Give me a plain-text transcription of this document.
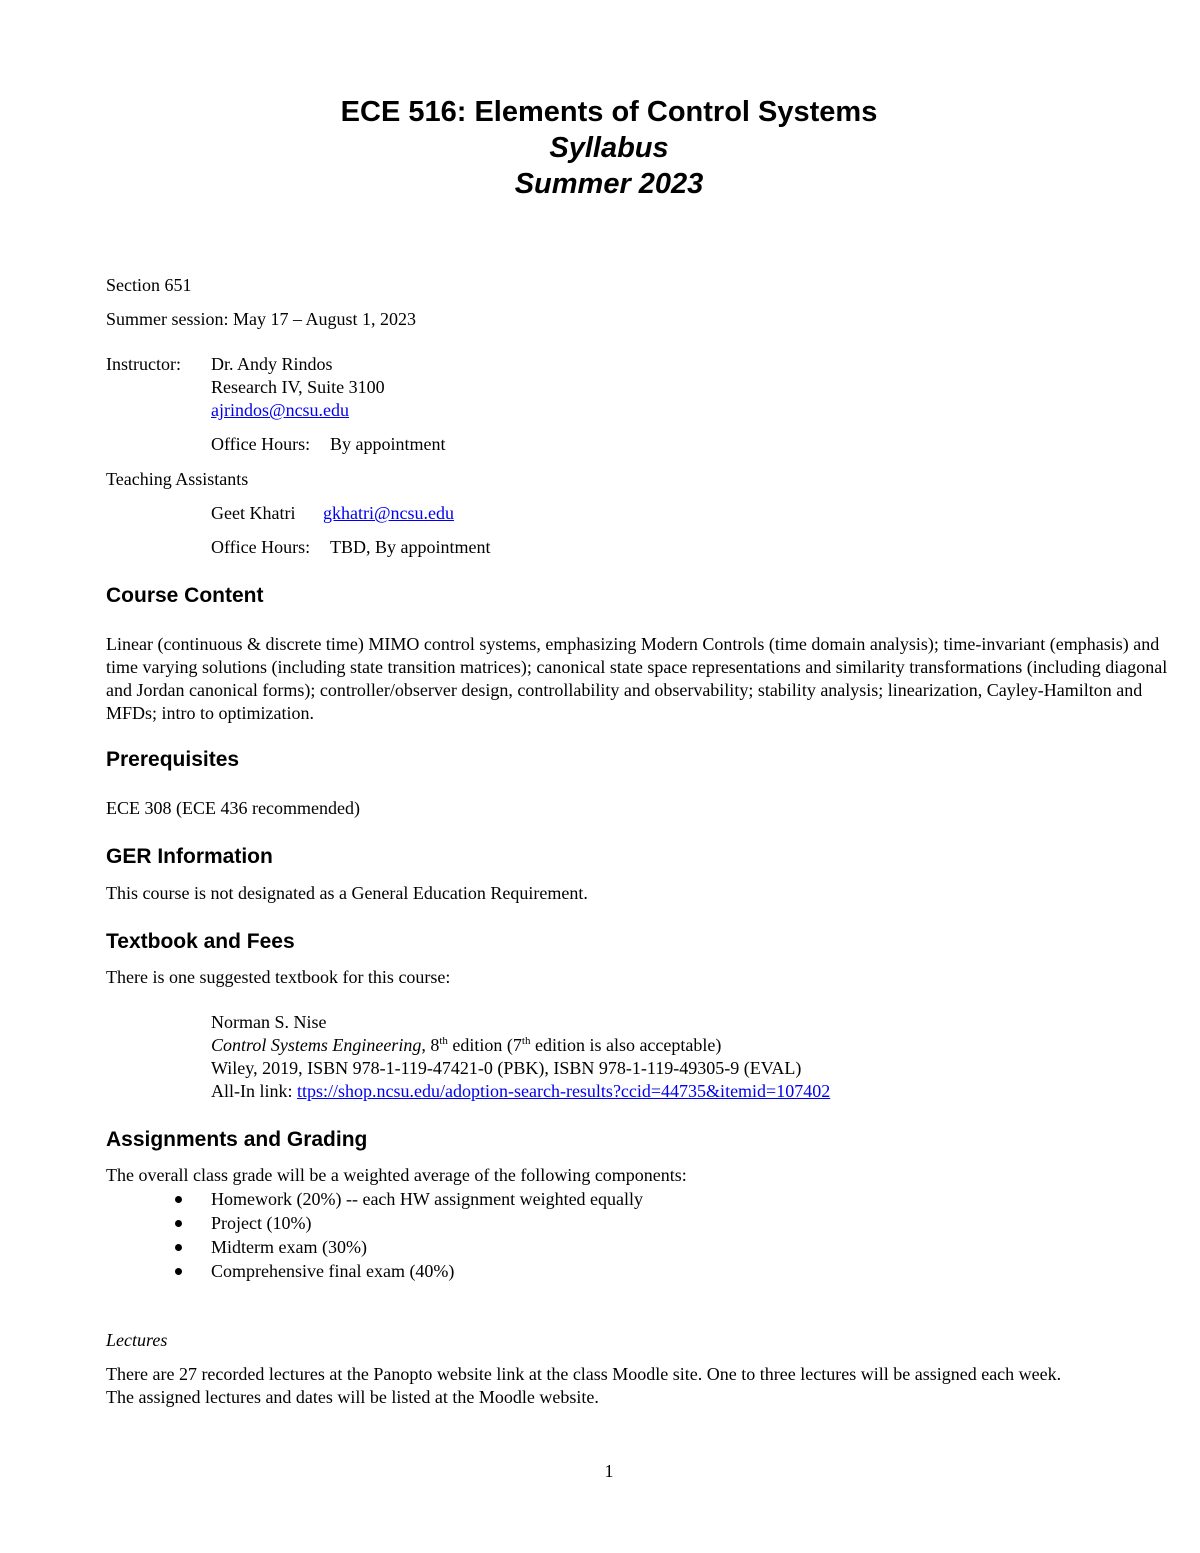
ECE 516: Elements of Control Systems
Syllabus
Summer 2023
Section 651
Summer session: May 17 – August 1, 2023
Instructor: Dr. Andy Rindos
Research IV, Suite 3100
ajrindos@ncsu.edu
Office Hours: By appointment
Teaching Assistants
Geet Khatri gkhatri@ncsu.edu
Office Hours: TBD, By appointment
Course Content
Linear (continuous & discrete time) MIMO control systems, emphasizing Modern Controls (time domain analysis); time-invariant (emphasis) and time varying solutions (including state transition matrices); canonical state space representations and similarity transformations (including diagonal and Jordan canonical forms); controller/observer design, controllability and observability; stability analysis; linearization, Cayley-Hamilton and MFDs; intro to optimization.
Prerequisites
ECE 308 (ECE 436 recommended)
GER Information
This course is not designated as a General Education Requirement.
Textbook and Fees
There is one suggested textbook for this course:
Norman S. Nise
Control Systems Engineering, 8th edition (7th edition is also acceptable)
Wiley, 2019, ISBN 978-1-119-47421-0 (PBK), ISBN 978-1-119-49305-9 (EVAL)
All-In link: ttps://shop.ncsu.edu/adoption-search-results?ccid=44735&itemid=107402
Assignments and Grading
The overall class grade will be a weighted average of the following components:
Homework (20%) -- each HW assignment weighted equally
Project (10%)
Midterm exam (30%)
Comprehensive final exam (40%)
Lectures
There are 27 recorded lectures at the Panopto website link at the class Moodle site. One to three lectures will be assigned each week. The assigned lectures and dates will be listed at the Moodle website.
1
